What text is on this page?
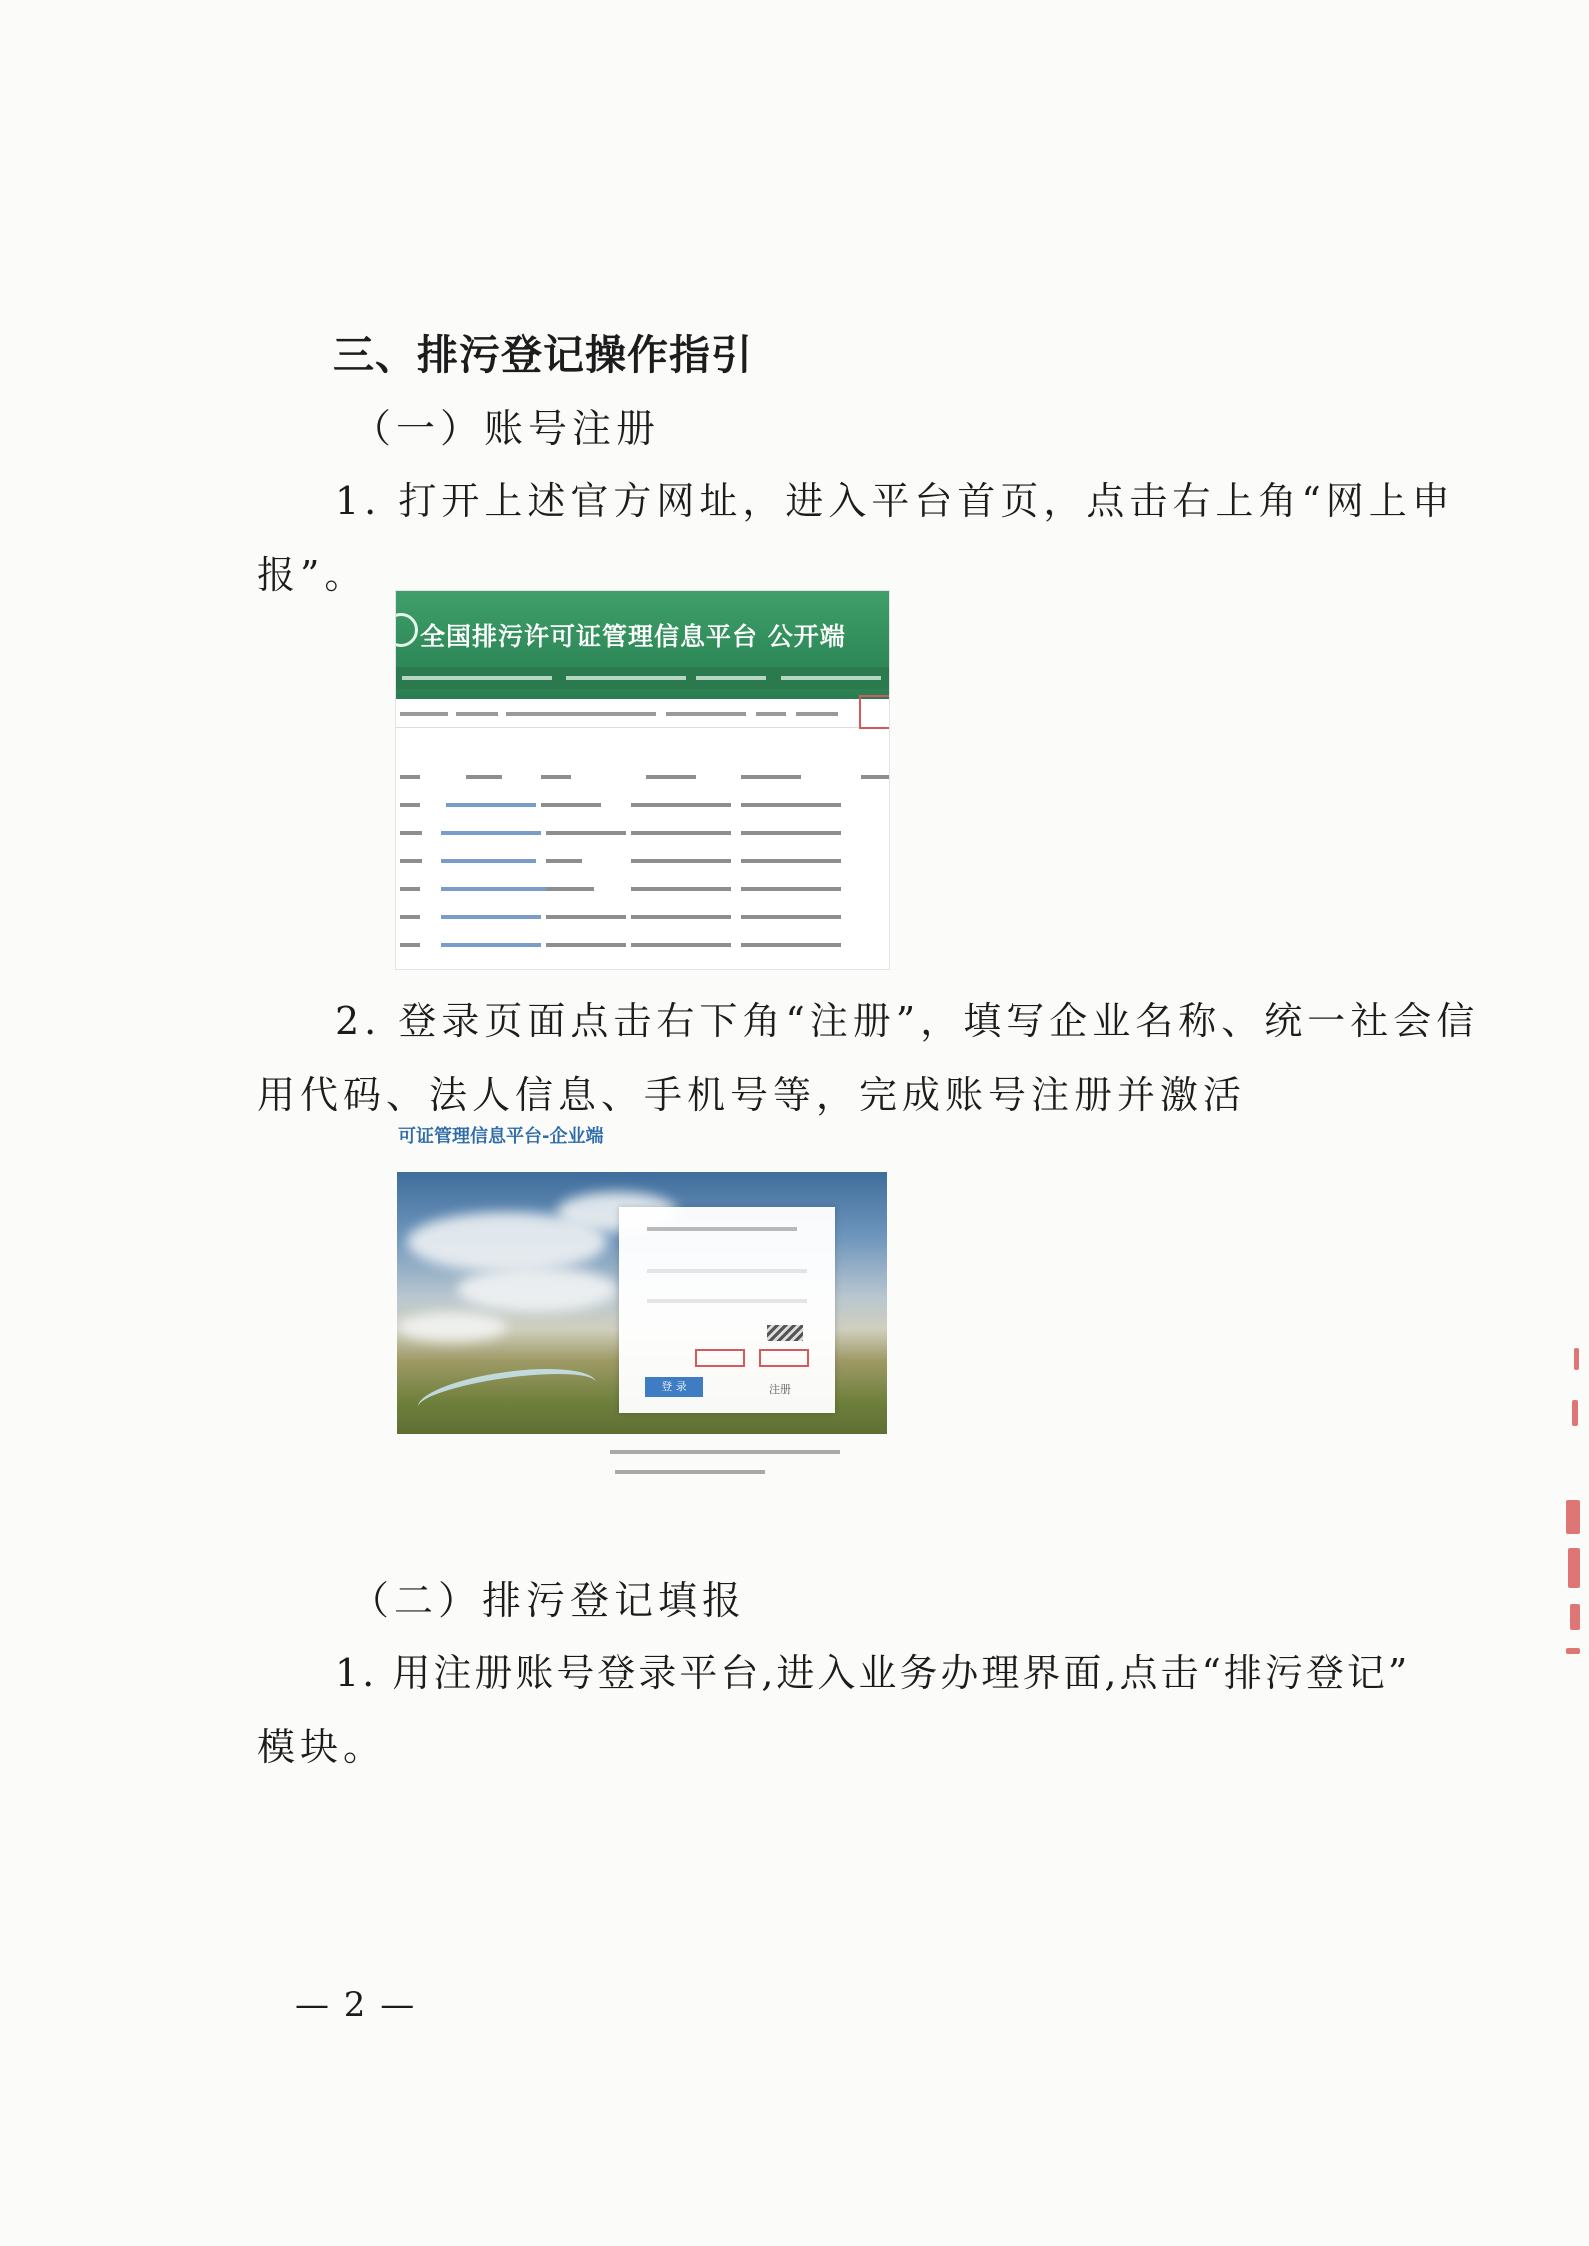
三、排污登记操作指引
（一）账号注册
1. 打开上述官方网址，进入平台首页，点击右上角“网上申
报”。
全国排污许可证管理信息平台 公开端
2. 登录页面点击右下角“注册”，填写企业名称、统一社会信
用代码、法人信息、手机号等，完成账号注册并激活
可证管理信息平台-企业端
登 录	注册
（二）排污登记填报
1. 用注册账号登录平台,进入业务办理界面,点击“排污登记”
模块。
— 2 —
